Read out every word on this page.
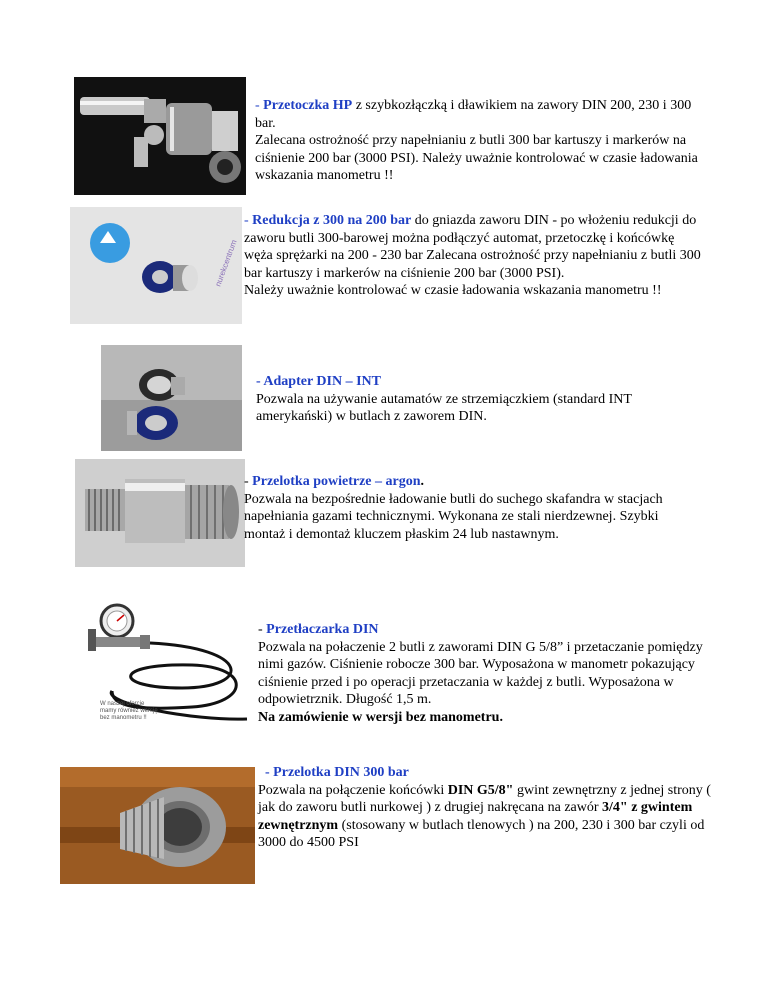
- Przetoczka HP z szybkozłączką i dławikiem na zawory DIN 200, 230 i 300 bar.
Zalecana ostrożność przy napełnianiu z butli 300 bar kartuszy i markerów na ciśnienie 200 bar (3000 PSI). Należy uważnie kontrolować w czasie ładowania wskazania manometru !!
nurekcentrum
- Redukcja z 300 na 200 bar do gniazda zaworu DIN - po włożeniu redukcji do zaworu butli 300-barowej można podłączyć automat, przetoczkę i końcówkę węża sprężarki na 200 - 230 bar Zalecana ostrożność przy napełnianiu z butli 300 bar kartuszy i markerów na ciśnienie 200 bar (3000 PSI).
Należy uważnie kontrolować w czasie ładowania wskazania manometru !!
- Adapter DIN – INT
Pozwala na używanie autamatów ze strzemiączkiem (standard INT amerykański) w butlach z zaworem DIN.
- Przelotka powietrze – argon.
Pozwala na bezpośrednie ładowanie butli do suchego skafandra w stacjach napełniania gazami technicznymi. Wykonana ze stali nierdzewnej. Szybki montaż i demontaż kluczem płaskim 24 lub nastawnym.
W naszej ofercie mamy również wersję bez manometru !!
- Przetłaczarka DIN
Pozwala na połaczenie 2 butli z zaworami DIN G 5/8” i przetaczanie pomiędzy nimi gazów. Ciśnienie robocze 300 bar. Wyposażona w manometr pokazujący ciśnienie przed i po operacji przetaczania w każdej z butli. Wyposażona w odpowietrznik. Długość 1,5 m.
Na zamówienie w wersji bez manometru.
- Przelotka DIN 300 bar
Pozwala na połączenie końcówki DIN G5/8" gwint zewnętrzny z jednej strony ( jak do zaworu butli nurkowej ) z drugiej nakręcana na zawór 3/4" z gwintem zewnętrznym (stosowany w butlach tlenowych ) na 200, 230 i 300 bar czyli od 3000 do 4500 PSI
